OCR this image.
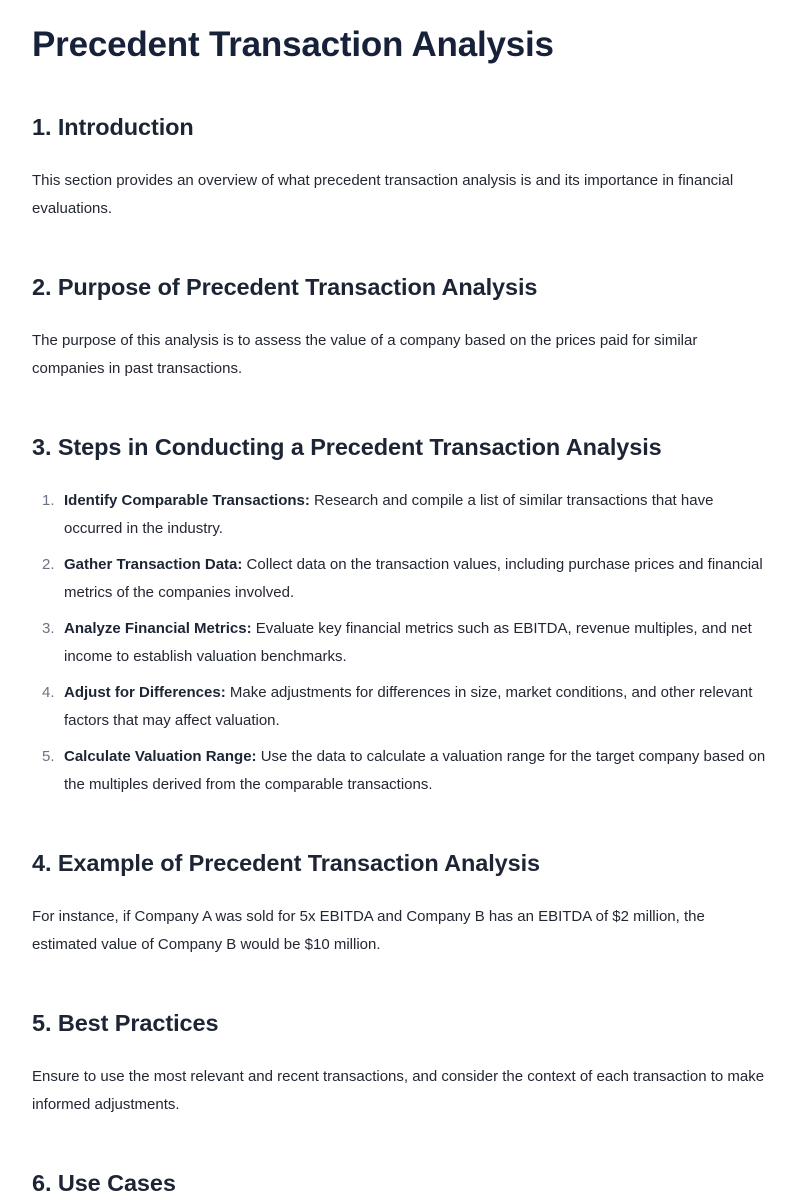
Precedent Transaction Analysis
1. Introduction

This section provides an overview of what precedent transaction analysis is and its importance in financial evaluations.

2. Purpose of Precedent Transaction Analysis

The purpose of this analysis is to assess the value of a company based on the prices paid for similar companies in past transactions.

3. Steps in Conducting a Precedent Transaction Analysis
1. Identify Comparable Transactions: Research and compile a list of similar transactions that have occurred in the industry.
2. Gather Transaction Data: Collect data on the transaction values, including purchase prices and financial metrics of the companies involved.
3. Analyze Financial Metrics: Evaluate key financial metrics such as EBITDA, revenue multiples, and net income to establish valuation benchmarks.
4. Adjust for Differences: Make adjustments for differences in size, market conditions, and other relevant factors that may affect valuation.
5. Calculate Valuation Range: Use the data to calculate a valuation range for the target company based on the multiples derived from the comparable transactions.
4. Example of Precedent Transaction Analysis

For instance, if Company A was sold for 5x EBITDA and Company B has an EBITDA of $2 million, the estimated value of Company B would be $10 million.

5. Best Practices

Ensure to use the most relevant and recent transactions, and consider the context of each transaction to make informed adjustments.

6. Use Cases
